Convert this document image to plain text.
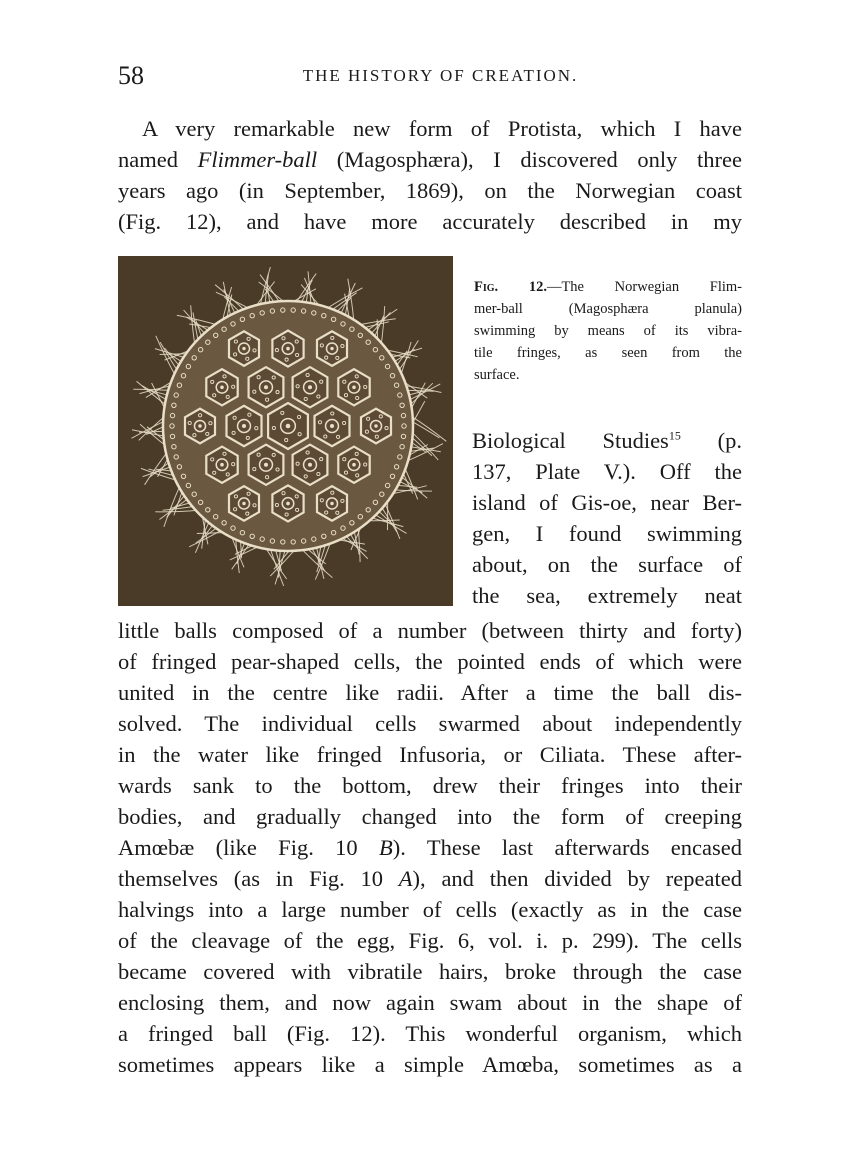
58	THE HISTORY OF CREATION.
A very remarkable new form of Protista, which I have
named Flimmer-ball (Magosphæra), I discovered only three
years ago (in September, 1869), on the Norwegian coast
(Fig. 12), and have more accurately described in my
Fig. 12.—The Norwegian Flim-
mer-ball (Magosphæra planula)
swimming by means of its vibra-
tile fringes, as seen from the
surface.
Biological Studies$^{15}$ (p.
137, Plate V.). Off the
island of Gis-oe, near Ber-
gen, I found swimming
about, on the surface of
the sea, extremely neat
little balls composed of a number (between thirty and forty)
of fringed pear-shaped cells, the pointed ends of which were
united in the centre like radii. After a time the ball dis-
solved. The individual cells swarmed about independently
in the water like fringed Infusoria, or Ciliata. These after-
wards sank to the bottom, drew their fringes into their
bodies, and gradually changed into the form of creeping
Amœbæ (like Fig. 10 B). These last afterwards encased
themselves (as in Fig. 10 A), and then divided by repeated
halvings into a large number of cells (exactly as in the case
of the cleavage of the egg, Fig. 6, vol. i. p. 299). The cells
became covered with vibratile hairs, broke through the case
enclosing them, and now again swam about in the shape of
a fringed ball (Fig. 12). This wonderful organism, which
sometimes appears like a simple Amœba, sometimes as a
